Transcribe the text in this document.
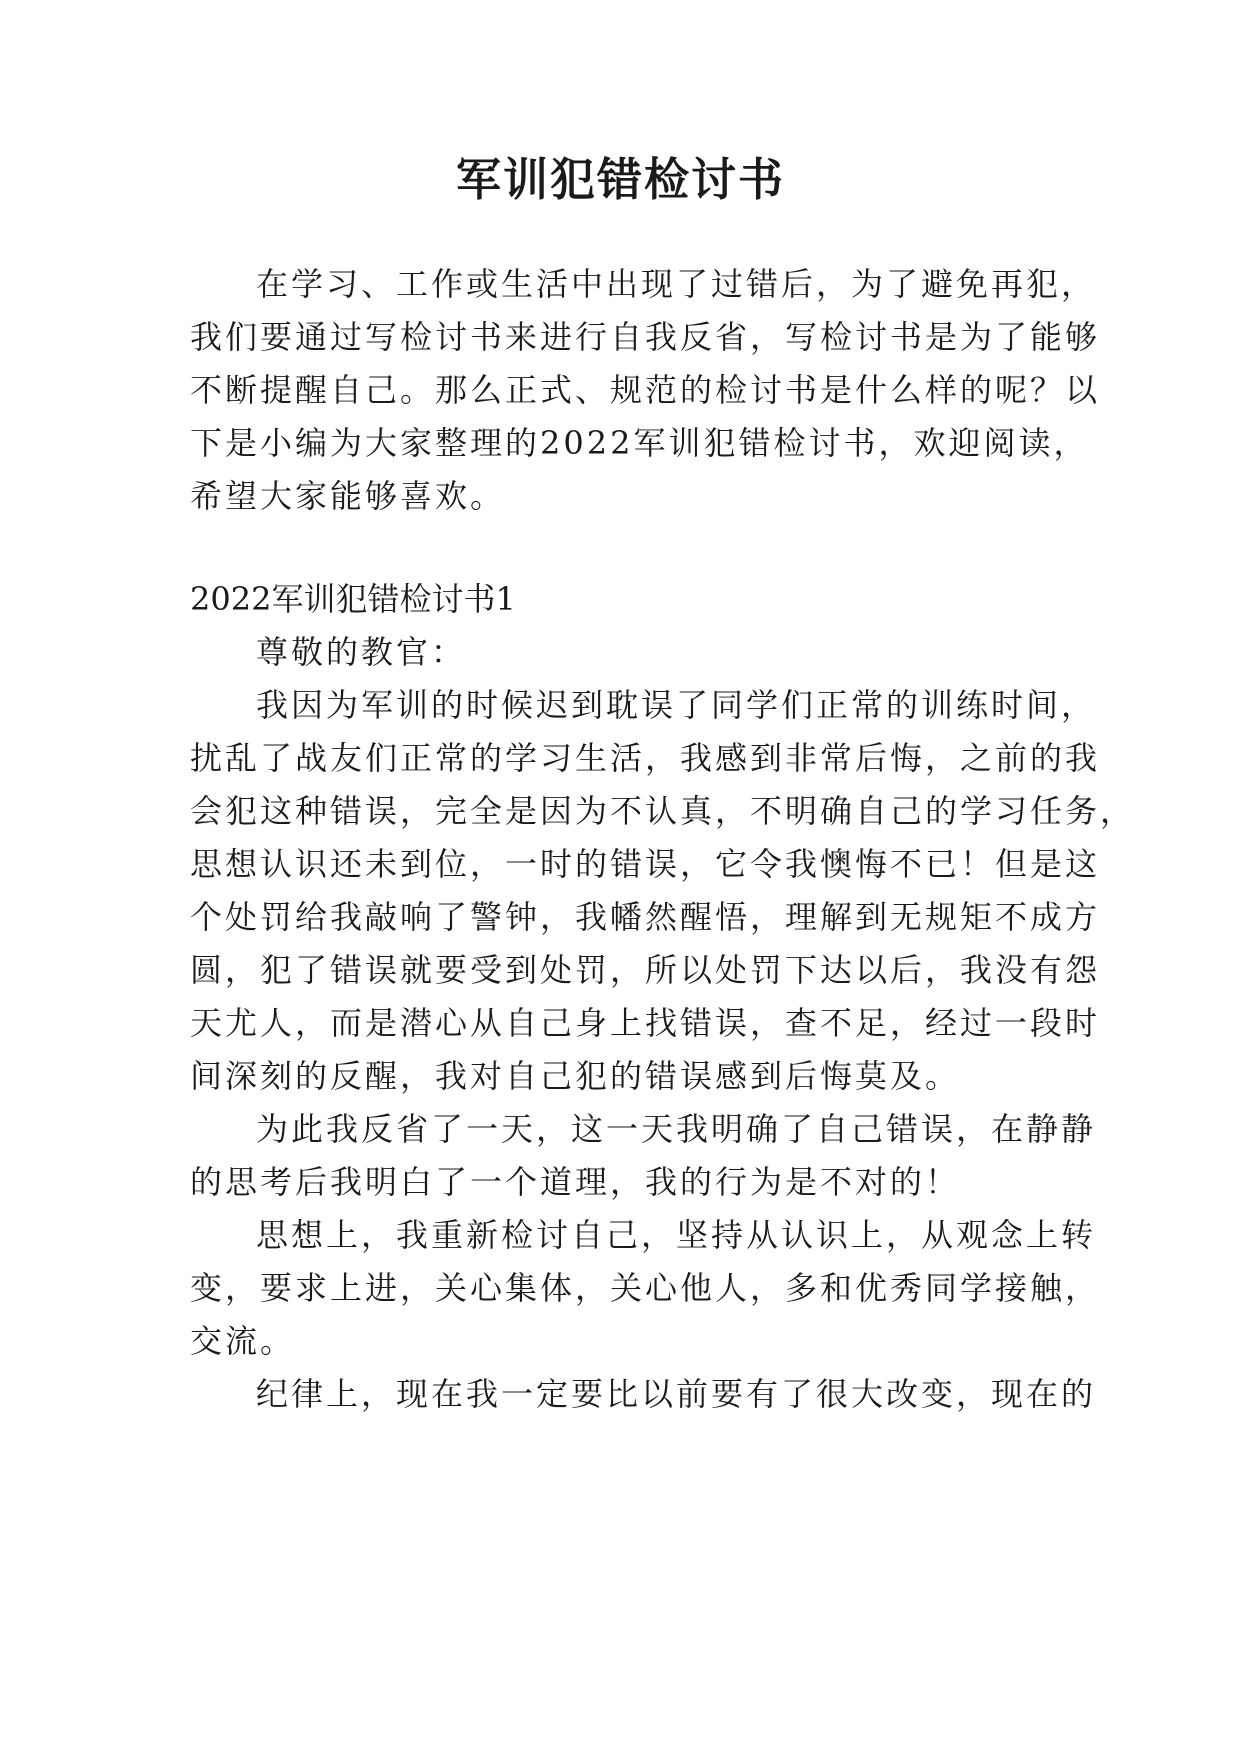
军训犯错检讨书
在学习、工作或生活中出现了过错后，为了避免再犯，
我们要通过写检讨书来进行自我反省，写检讨书是为了能够
不断提醒自己。那么正式、规范的检讨书是什么样的呢？以
下是小编为大家整理的2022军训犯错检讨书，欢迎阅读，
希望大家能够喜欢。
2022军训犯错检讨书1
尊敬的教官：
我因为军训的时候迟到耽误了同学们正常的训练时间，
扰乱了战友们正常的学习生活，我感到非常后悔，之前的我
会犯这种错误，完全是因为不认真，不明确自己的学习任务，
思想认识还未到位，一时的错误，它令我懊悔不已！但是这
个处罚给我敲响了警钟，我幡然醒悟，理解到无规矩不成方
圆，犯了错误就要受到处罚，所以处罚下达以后，我没有怨
天尤人，而是潜心从自己身上找错误，查不足，经过一段时
间深刻的反醒，我对自己犯的错误感到后悔莫及。
为此我反省了一天，这一天我明确了自己错误，在静静
的思考后我明白了一个道理，我的行为是不对的！
思想上，我重新检讨自己，坚持从认识上，从观念上转
变，要求上进，关心集体，关心他人，多和优秀同学接触，
交流。
纪律上，现在我一定要比以前要有了很大改变，现在的
